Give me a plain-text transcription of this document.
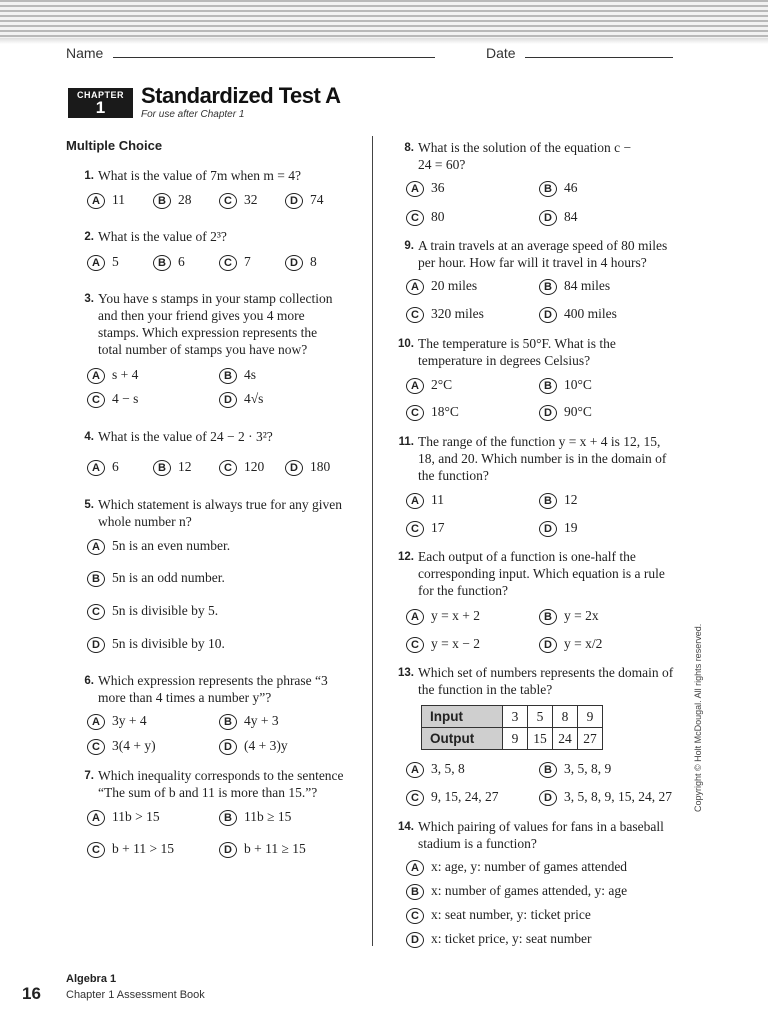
Name	Date
CHAPTER
1	Standardized Test A
For use after Chapter 1
Multiple Choice
1. What is the value of 7m when m = 4?
A 11	B 28	C 32	D 74
2. What is the value of 2³?
A 5	B 6	C 7	D 8
3. You have s stamps in your stamp collection and then your friend gives you 4 more stamps. Which expression represents the total number of stamps you have now?
A s + 4	B 4s
C 4 − s	D 4√s
4. What is the value of 24 − 2 · 3²?
A 6	B 12	C 120	D 180
5. Which statement is always true for any given whole number n?
A 5n is an even number.
B 5n is an odd number.
C 5n is divisible by 5.
D 5n is divisible by 10.
6. Which expression represents the phrase “3 more than 4 times a number y”?
A 3y + 4	B 4y + 3
C 3(4 + y)	D (4 + 3)y
7. Which inequality corresponds to the sentence “The sum of b and 11 is more than 15.”?
A 11b > 15	B 11b ≥ 15
C b + 11 > 15	D b + 11 ≥ 15
8. What is the solution of the equation c − 24 = 60?
A 36	B 46
C 80	D 84
9. A train travels at an average speed of 80 miles per hour. How far will it travel in 4 hours?
A 20 miles	B 84 miles
C 320 miles	D 400 miles
10. The temperature is 50°F. What is the temperature in degrees Celsius?
A 2°C	B 10°C
C 18°C	D 90°C
11. The range of the function y = x + 4 is 12, 15, 18, and 20. Which number is in the domain of the function?
A 11	B 12
C 17	D 19
12. Each output of a function is one-half the corresponding input. Which equation is a rule for the function?
A y = x + 2	B y = 2x
C y = x − 2	D y = x/2
13. Which set of numbers represents the domain of the function in the table?
Input	3	5	8	9
Output	9	15	24	27
A 3, 5, 8	B 3, 5, 8, 9
C 9, 15, 24, 27	D 3, 5, 8, 9, 15, 24, 27
14. Which pairing of values for fans in a baseball stadium is a function?
A x: age, y: number of games attended
B x: number of games attended, y: age
C x: seat number, y: ticket price
D x: ticket price, y: seat number
Copyright © Holt McDougal. All rights reserved.
16
Algebra 1
Chapter 1 Assessment Book
